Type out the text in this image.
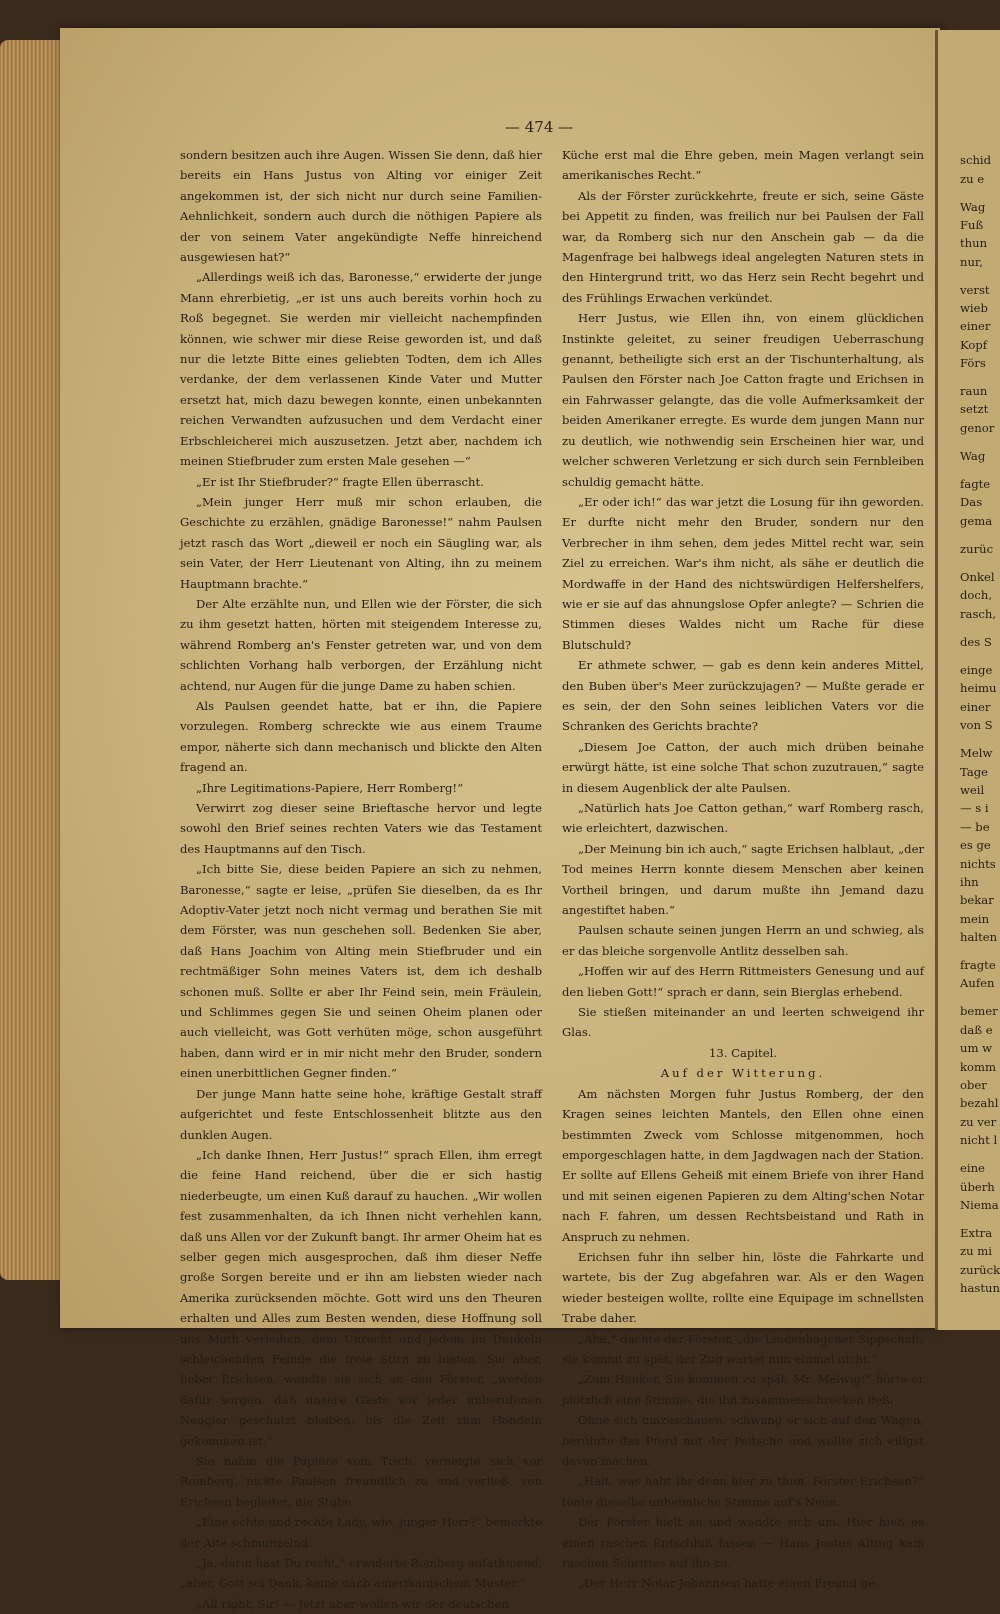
— 474 —

sondern besitzen auch ihre Augen. Wissen Sie denn, daß hier bereits ein Hans Justus von Alting vor einiger Zeit angekommen ist, der sich nicht nur durch seine Familien-Aehnlichkeit, sondern auch durch die nöthigen Papiere als der von seinem Vater angekündigte Neffe hinreichend ausgewiesen hat?“

„Allerdings weiß ich das, Baronesse,“ erwiderte der junge Mann ehrerbietig, „er ist uns auch bereits vorhin hoch zu Roß begegnet. Sie werden mir vielleicht nachempfinden können, wie schwer mir diese Reise geworden ist, und daß nur die letzte Bitte eines geliebten Todten, dem ich Alles verdanke, der dem verlassenen Kinde Vater und Mutter ersetzt hat, mich dazu bewegen konnte, einen unbekannten reichen Verwandten aufzusuchen und dem Verdacht einer Erbschleicherei mich auszusetzen. Jetzt aber, nachdem ich meinen Stiefbruder zum ersten Male gesehen —“

„Er ist Ihr Stiefbruder?“ fragte Ellen überrascht.

„Mein junger Herr muß mir schon erlauben, die Geschichte zu erzählen, gnädige Baronesse!“ nahm Paulsen jetzt rasch das Wort „dieweil er noch ein Säugling war, als sein Vater, der Herr Lieutenant von Alting, ihn zu meinem Hauptmann brachte.“

Der Alte erzählte nun, und Ellen wie der Förster, die sich zu ihm gesetzt hatten, hörten mit steigendem Interesse zu, während Romberg an's Fenster getreten war, und von dem schlichten Vorhang halb verborgen, der Erzählung nicht achtend, nur Augen für die junge Dame zu haben schien.

Als Paulsen geendet hatte, bat er ihn, die Papiere vorzulegen. Romberg schreckte wie aus einem Traume empor, näherte sich dann mechanisch und blickte den Alten fragend an.

„Ihre Legitimations-Papiere, Herr Romberg!“

Verwirrt zog dieser seine Brieftasche hervor und legte sowohl den Brief seines rechten Vaters wie das Testament des Hauptmanns auf den Tisch.

„Ich bitte Sie, diese beiden Papiere an sich zu nehmen, Baronesse,“ sagte er leise, „prüfen Sie dieselben, da es Ihr Adoptiv-Vater jetzt noch nicht vermag und berathen Sie mit dem Förster, was nun geschehen soll. Bedenken Sie aber, daß Hans Joachim von Alting mein Stiefbruder und ein rechtmäßiger Sohn meines Vaters ist, dem ich deshalb schonen muß. Sollte er aber Ihr Feind sein, mein Fräulein, und Schlimmes gegen Sie und seinen Oheim planen oder auch vielleicht, was Gott verhüten möge, schon ausgeführt haben, dann wird er in mir nicht mehr den Bruder, sondern einen unerbittlichen Gegner finden.“

Der junge Mann hatte seine hohe, kräftige Gestalt straff aufgerichtet und feste Entschlossenheit blitzte aus den dunklen Augen.

„Ich danke Ihnen, Herr Justus!“ sprach Ellen, ihm erregt die feine Hand reichend, über die er sich hastig niederbeugte, um einen Kuß darauf zu hauchen. „Wir wollen fest zusammenhalten, da ich Ihnen nicht verhehlen kann, daß uns Allen vor der Zukunft bangt. Ihr armer Oheim hat es selber gegen mich ausgesprochen, daß ihm dieser Neffe große Sorgen bereite und er ihn am liebsten wieder nach Amerika zurücksenden möchte. Gott wird uns den Theuren erhalten und Alles zum Besten wenden, diese Hoffnung soll uns Muth verleihen, dem Unrecht und jedem im Dunkeln schleichenden Feinde die freie Stirn zu bieten. Sie aber, lieber Erichsen, wandte sie sich an den Förster, „werden dafür sorgen, daß unsere Gäste vor jeder unberufenen Neugier geschützt bleiben, bis die Zeit zum Handeln gekommen ist.“

Sie nahm die Papiere vom Tisch, verneigte sich vor Romberg, nickte Paulsen freundlich zu und verließ, von Erichsen begleitet, die Stube.

„Eine echte und rechte Lady, wie, junger Herr?“ bemerkte der Alte schmunzelnd.

„Ja, darin hast Du recht,“ erwiderte Romberg aufathmend, „aber, Gott sei Dank, keine nach amerikanischem Muster.“

„All right, Sir! — Jetzt aber wollen wir der deutschen

Küche erst mal die Ehre geben, mein Magen verlangt sein amerikanisches Recht.“

Als der Förster zurückkehrte, freute er sich, seine Gäste bei Appetit zu finden, was freilich nur bei Paulsen der Fall war, da Romberg sich nur den Anschein gab — da die Magenfrage bei halbwegs ideal angelegten Naturen stets in den Hintergrund tritt, wo das Herz sein Recht begehrt und des Frühlings Erwachen verkündet.

Herr Justus, wie Ellen ihn, von einem glücklichen Instinkte geleitet, zu seiner freudigen Ueberraschung genannt, betheiligte sich erst an der Tischunterhaltung, als Paulsen den Förster nach Joe Catton fragte und Erichsen in ein Fahrwasser gelangte, das die volle Aufmerksamkeit der beiden Amerikaner erregte. Es wurde dem jungen Mann nur zu deutlich, wie nothwendig sein Erscheinen hier war, und welcher schweren Verletzung er sich durch sein Fernbleiben schuldig gemacht hätte.

„Er oder ich!“ das war jetzt die Losung für ihn geworden. Er durfte nicht mehr den Bruder, sondern nur den Verbrecher in ihm sehen, dem jedes Mittel recht war, sein Ziel zu erreichen. War's ihm nicht, als sähe er deutlich die Mordwaffe in der Hand des nichtswürdigen Helfershelfers, wie er sie auf das ahnungslose Opfer anlegte? — Schrien die Stimmen dieses Waldes nicht um Rache für diese Blutschuld?

Er athmete schwer, — gab es denn kein anderes Mittel, den Buben über's Meer zurückzujagen? — Mußte gerade er es sein, der den Sohn seines leiblichen Vaters vor die Schranken des Gerichts brachte?

„Diesem Joe Catton, der auch mich drüben beinahe erwürgt hätte, ist eine solche That schon zuzutrauen,“ sagte in diesem Augenblick der alte Paulsen.

„Natürlich hats Joe Catton gethan,“ warf Romberg rasch, wie erleichtert, dazwischen.

„Der Meinung bin ich auch,“ sagte Erichsen halblaut, „der Tod meines Herrn konnte diesem Menschen aber keinen Vortheil bringen, und darum mußte ihn Jemand dazu angestiftet haben.“

Paulsen schaute seinen jungen Herrn an und schwieg, als er das bleiche sorgenvolle Antlitz desselben sah.

„Hoffen wir auf des Herrn Rittmeisters Genesung und auf den lieben Gott!“ sprach er dann, sein Bierglas erhebend.

Sie stießen miteinander an und leerten schweigend ihr Glas.

13. Capitel.

Auf der Witterung.

Am nächsten Morgen fuhr Justus Romberg, der den Kragen seines leichten Mantels, den Ellen ohne einen bestimmten Zweck vom Schlosse mitgenommen, hoch emporgeschlagen hatte, in dem Jagdwagen nach der Station. Er sollte auf Ellens Geheiß mit einem Briefe von ihrer Hand und mit seinen eigenen Papieren zu dem Alting'schen Notar nach F. fahren, um dessen Rechtsbeistand und Rath in Anspruch zu nehmen.

Erichsen fuhr ihn selber hin, löste die Fahrkarte und wartete, bis der Zug abgefahren war. Als er den Wagen wieder besteigen wollte, rollte eine Equipage im schnellsten Trabe daher.

„Aha,“ dachte der Förster, „die Lindenhagener Sippschaft, sie kommt zu spät, der Zug wartet nun einmal nicht.“

„Zum Henker, Sie kommen zu spät, Mr. Melwig!“ hörte er plötzlich eine Stimme, die ihn zusammenschrecken ließ.

Ohne sich umzuschauen, schwang er sich auf den Wagen, berührte das Pferd mit der Peitsche und wollte sich eiligst davon machen.

„Halt, was habt Ihr denn hier zu thun, Förster Erichsen?“ tönte dieselbe unheimliche Stimme auf's Neue.

Der Förster hielt an und wandte sich um. Hier hieß es einen raschen Entschluß fassen — Hans Justus Alting kam raschen Schrittes auf ihn zu.

„Der Herr Notar Johannsen hatte einen Freund ge-

schid
zu e
Wag
Fuß
thun
nur,
verst
wieb
einer
Kopf
Förs
raun
setzt
genor
Wag
fagte
Das
gema
zurüc
Onkel
doch,
rasch,
des S
einge
heimu
einer
von S
Melw
Tage
weil
— s i
— be
es ge
nichts
ihn
bekar
mein
halten
fragte
Aufen
bemer
daß e
um w
komm
ober
bezahl
zu ver
nicht l
eine
überh
Niema
Extra
zu mi
zurück
hastun
